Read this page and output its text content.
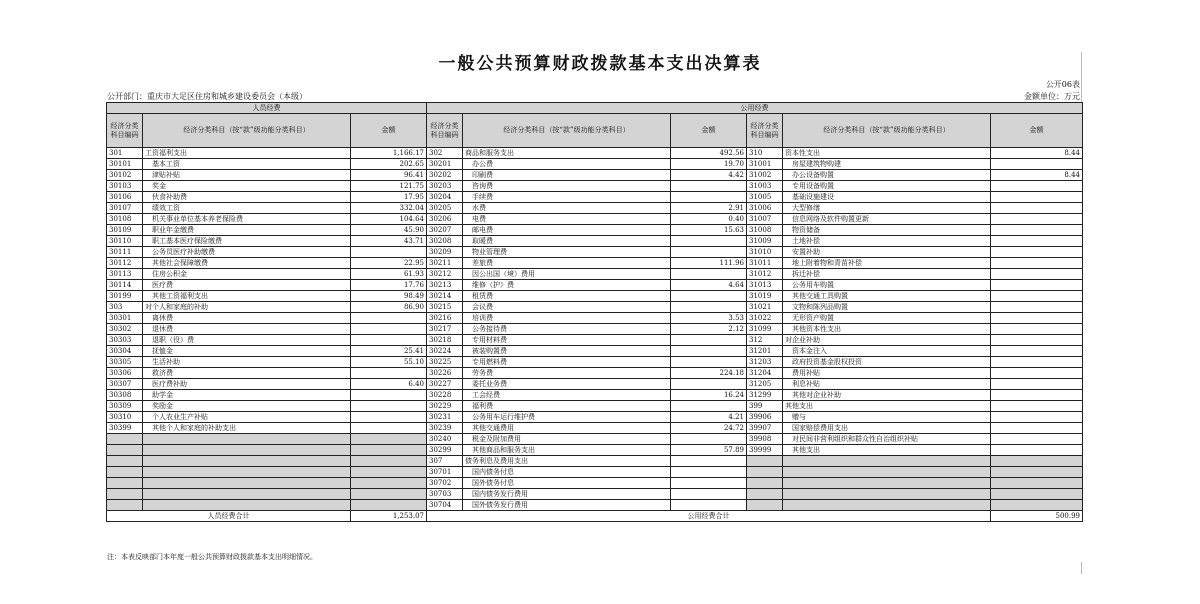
一般公共预算财政拨款基本支出决算表
公开06表
公开部门：重庆市大足区住房和城乡建设委员会（本级）	金额单位：万元
人员经费			公用经费					
经济分类科目编码	经济分类科目（按“款”级功能分类科目）	金额	经济分类科目编码	经济分类科目（按“款”级功能分类科目）	金额	经济分类科目编码	经济分类科目（按“款”级功能分类科目）	金额
301	工资福利支出	1,166.17	302	商品和服务支出	492.56	310	资本性支出	8.44
30101	基本工资	202.65	30201	办公费	19.70	31001	房屋建筑物购建	
30102	津贴补贴	96.41	30202	印刷费	4.42	31002	办公设备购置	8.44
30103	奖金	121.75	30203	咨询费		31003	专用设备购置	
30106	伙食补助费	17.95	30204	手续费		31005	基础设施建设	
30107	绩效工资	332.04	30205	水费	2.91	31006	大型修缮	
30108	机关事业单位基本养老保险费	104.64	30206	电费	0.40	31007	信息网络及软件购置更新	
30109	职业年金缴费	45.90	30207	邮电费	15.63	31008	物资储备	
30110	职工基本医疗保险缴费	43.71	30208	取暖费		31009	土地补偿	
30111	公务员医疗补助缴费		30209	物业管理费		31010	安置补助	
30112	其他社会保障缴费	22.95	30211	差旅费	111.96	31011	地上附着物和青苗补偿	
30113	住房公积金	61.93	30212	因公出国（境）费用		31012	拆迁补偿	
30114	医疗费	17.76	30213	维修（护）费	4.64	31013	公务用车购置	
30199	其他工资福利支出	98.49	30214	租赁费		31019	其他交通工具购置	
303	对个人和家庭的补助	86.90	30215	会议费		31021	文物和陈列品购置	
30301	离休费		30216	培训费	3.53	31022	无形资产购置	
30302	退休费		30217	公务接待费	2.12	31099	其他资本性支出	
30303	退职（役）费		30218	专用材料费		312	对企业补助	
30304	抚恤金	25.41	30224	被装购置费		31201	资本金注入	
30305	生活补助	55.10	30225	专用燃料费		31203	政府投资基金股权投资	
30306	救济费		30226	劳务费	224.18	31204	费用补贴	
30307	医疗费补助	6.40	30227	委托业务费		31205	利息补贴	
30308	助学金		30228	工会经费	16.24	31299	其他对企业补助	
30309	奖励金		30229	福利费		399	其他支出	
30310	个人农业生产补贴		30231	公务用车运行维护费	4.21	39906	赠与	
30399	其他个人和家庭的补助支出		30239	其他交通费用	24.72	39907	国家赔偿费用支出	
			30240	税金及附加费用		39908	对民间非营利组织和群众性自治组织补贴	
			30299	其他商品和服务支出	57.89	39999	其他支出	
			307	债务利息及费用支出				
			30701	国内债务付息				
			30702	国外债务付息				
			30703	国内债务发行费用				
			30704	国外债务发行费用				
人员经费合计		1,253.07	公用经费合计					500.99
注：本表反映部门本年度一般公共预算财政拨款基本支出明细情况。
